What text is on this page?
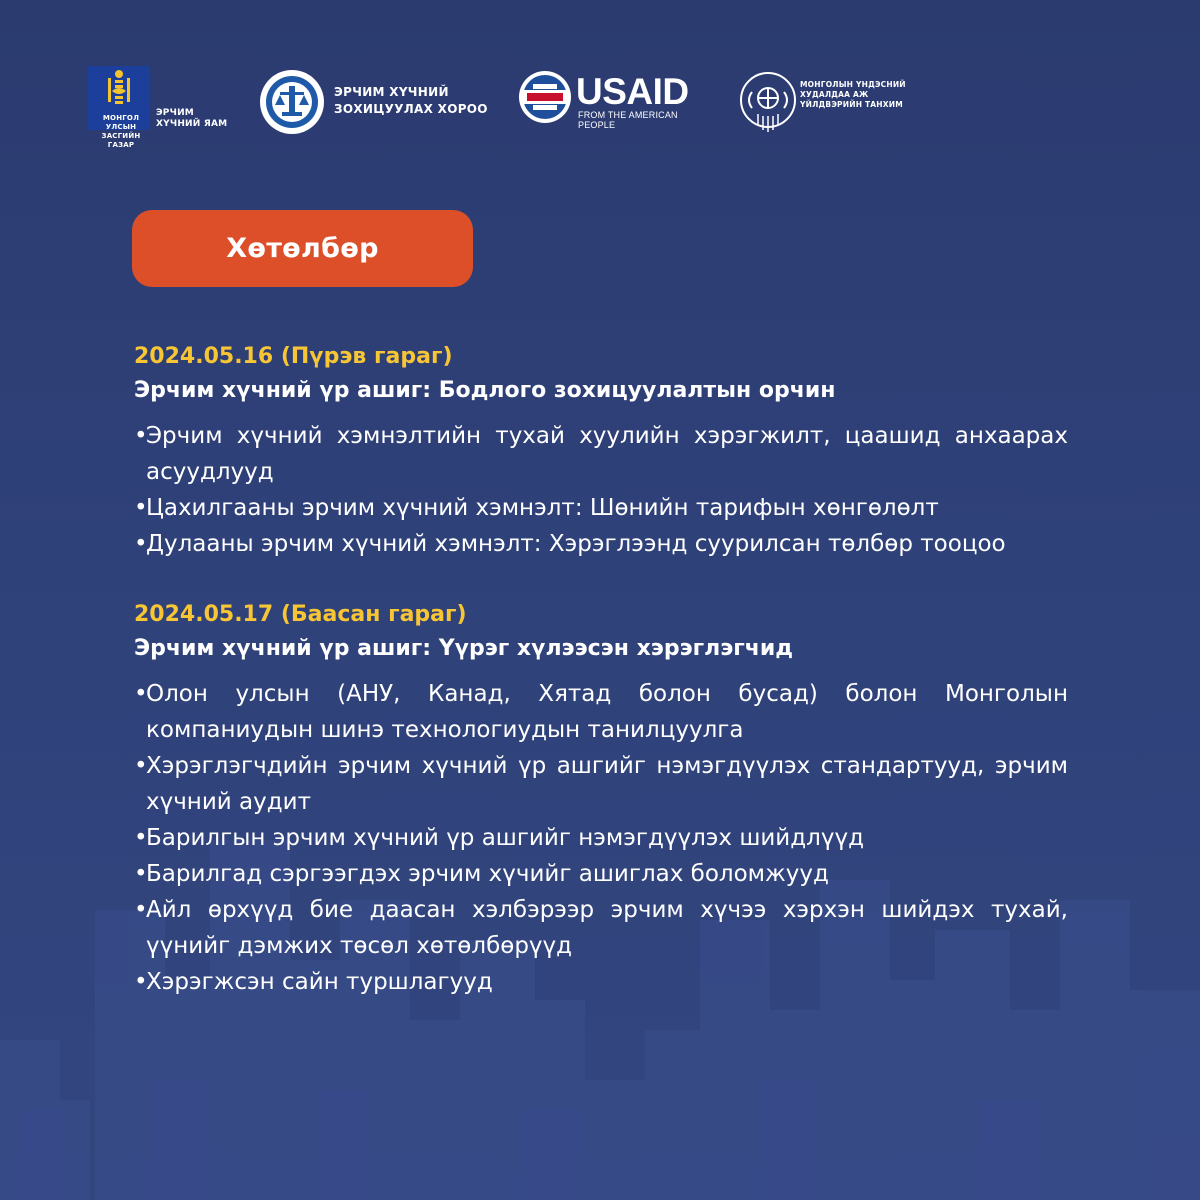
МОНГОЛ УЛСЫН ЗАСГИЙН ГАЗАР
ЭРЧИМ ХҮЧНИЙ ЯАМ
ЭРЧИМ ХҮЧНИЙ
ЗОХИЦУУЛАХ ХОРОО USAID
FROM THE AMERICAN PEOPLE
МОНГОЛЫН ҮНДЭСНИЙ ХУДАЛДАА АЖ ҮЙЛДВЭРИЙН ТАНХИМ
Хөтөлбөр

2024.05.16 (Пүрэв гараг)

Эрчим хүчний үр ашиг: Бодлого зохицуулалтын орчин

• Эрчим хүчний хэмнэлтийн тухай хуулийн хэрэгжилт, цаашид анхаарах асуудлууд
• Цахилгааны эрчим хүчний хэмнэлт: Шөнийн тарифын хөнгөлөлт
• Дулааны эрчим хүчний хэмнэлт: Хэрэглээнд суурилсан төлбөр тооцоо

2024.05.17 (Баасан гараг)

Эрчим хүчний үр ашиг: Үүрэг хүлээсэн хэрэглэгчид

• Олон улсын (АНУ, Канад, Хятад болон бусад) болон Монголын компаниудын шинэ технологиудын танилцуулга
• Хэрэглэгчдийн эрчим хүчний үр ашгийг нэмэгдүүлэх стандартууд, эрчим хүчний аудит
• Барилгын эрчим хүчний үр ашгийг нэмэгдүүлэх шийдлүүд
• Барилгад сэргээгдэх эрчим хүчийг ашиглах боломжууд
• Айл өрхүүд бие даасан хэлбэрээр эрчим хүчээ хэрхэн шийдэх тухай, үүнийг дэмжих төсөл хөтөлбөрүүд
• Хэрэгжсэн сайн туршлагууд
